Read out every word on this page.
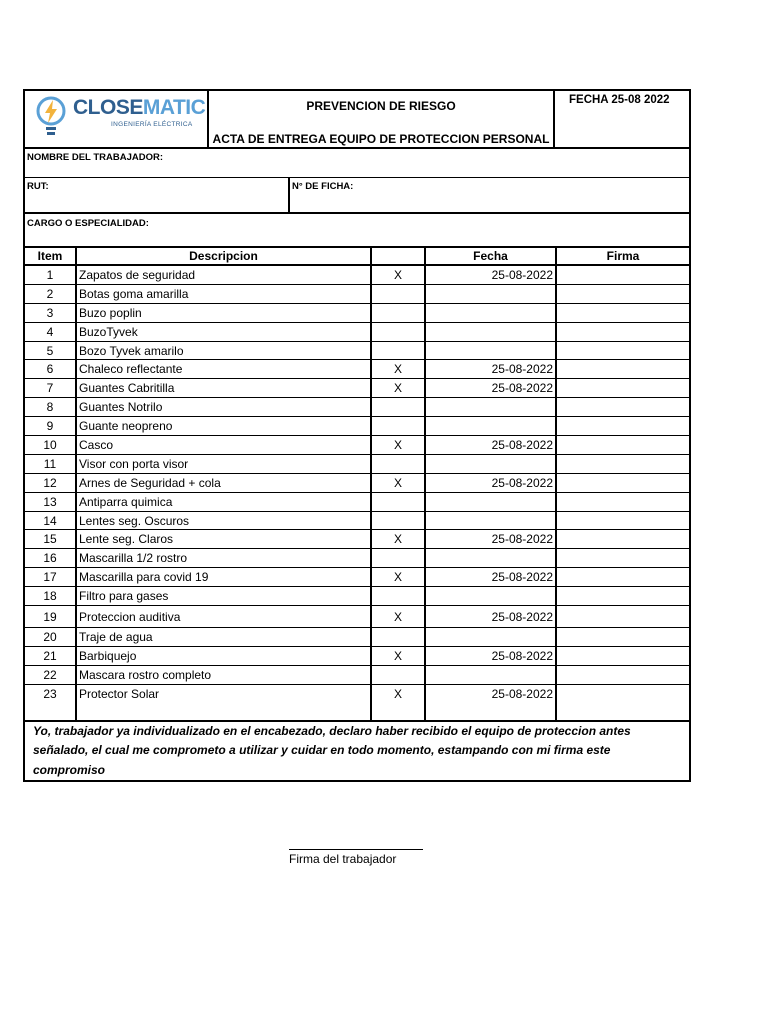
CLOSEMATIC
INGENIERÍA ELÉCTRICA
PREVENCION DE RIESGO
ACTA DE ENTREGA EQUIPO DE PROTECCION PERSONAL
FECHA 25-08 2022
NOMBRE DEL TRABAJADOR:
RUT:	N° DE FICHA:
CARGO O ESPECIALIDAD:
Item	Descripcion	Fecha	Firma
1	Zapatos de seguridad	X	25-08-2022
2	Botas goma amarilla
3	Buzo poplin
4	BuzoTyvek
5	Bozo Tyvek amarilo
6	Chaleco reflectante	X	25-08-2022
7	Guantes Cabritilla	X	25-08-2022
8	Guantes Notrilo
9	Guante neopreno
10	Casco	X	25-08-2022
11	Visor con porta visor
12	Arnes de Seguridad + cola	X	25-08-2022
13	Antiparra quimica
14	Lentes seg. Oscuros
15	Lente seg. Claros	X	25-08-2022
16	Mascarilla 1/2 rostro
17	Mascarilla para covid 19	X	25-08-2022
18	Filtro para gases
19	Proteccion auditiva	X	25-08-2022
20	Traje de agua
21	Barbiquejo	X	25-08-2022
22	Mascara rostro completo
23	Protector Solar	X	25-08-2022
Yo, trabajador ya individualizado en el encabezado, declaro haber recibido el equipo de proteccion antes señalado, el cual me comprometo a utilizar y cuidar en todo momento, estampando con mi firma este compromiso
Firma del trabajador
